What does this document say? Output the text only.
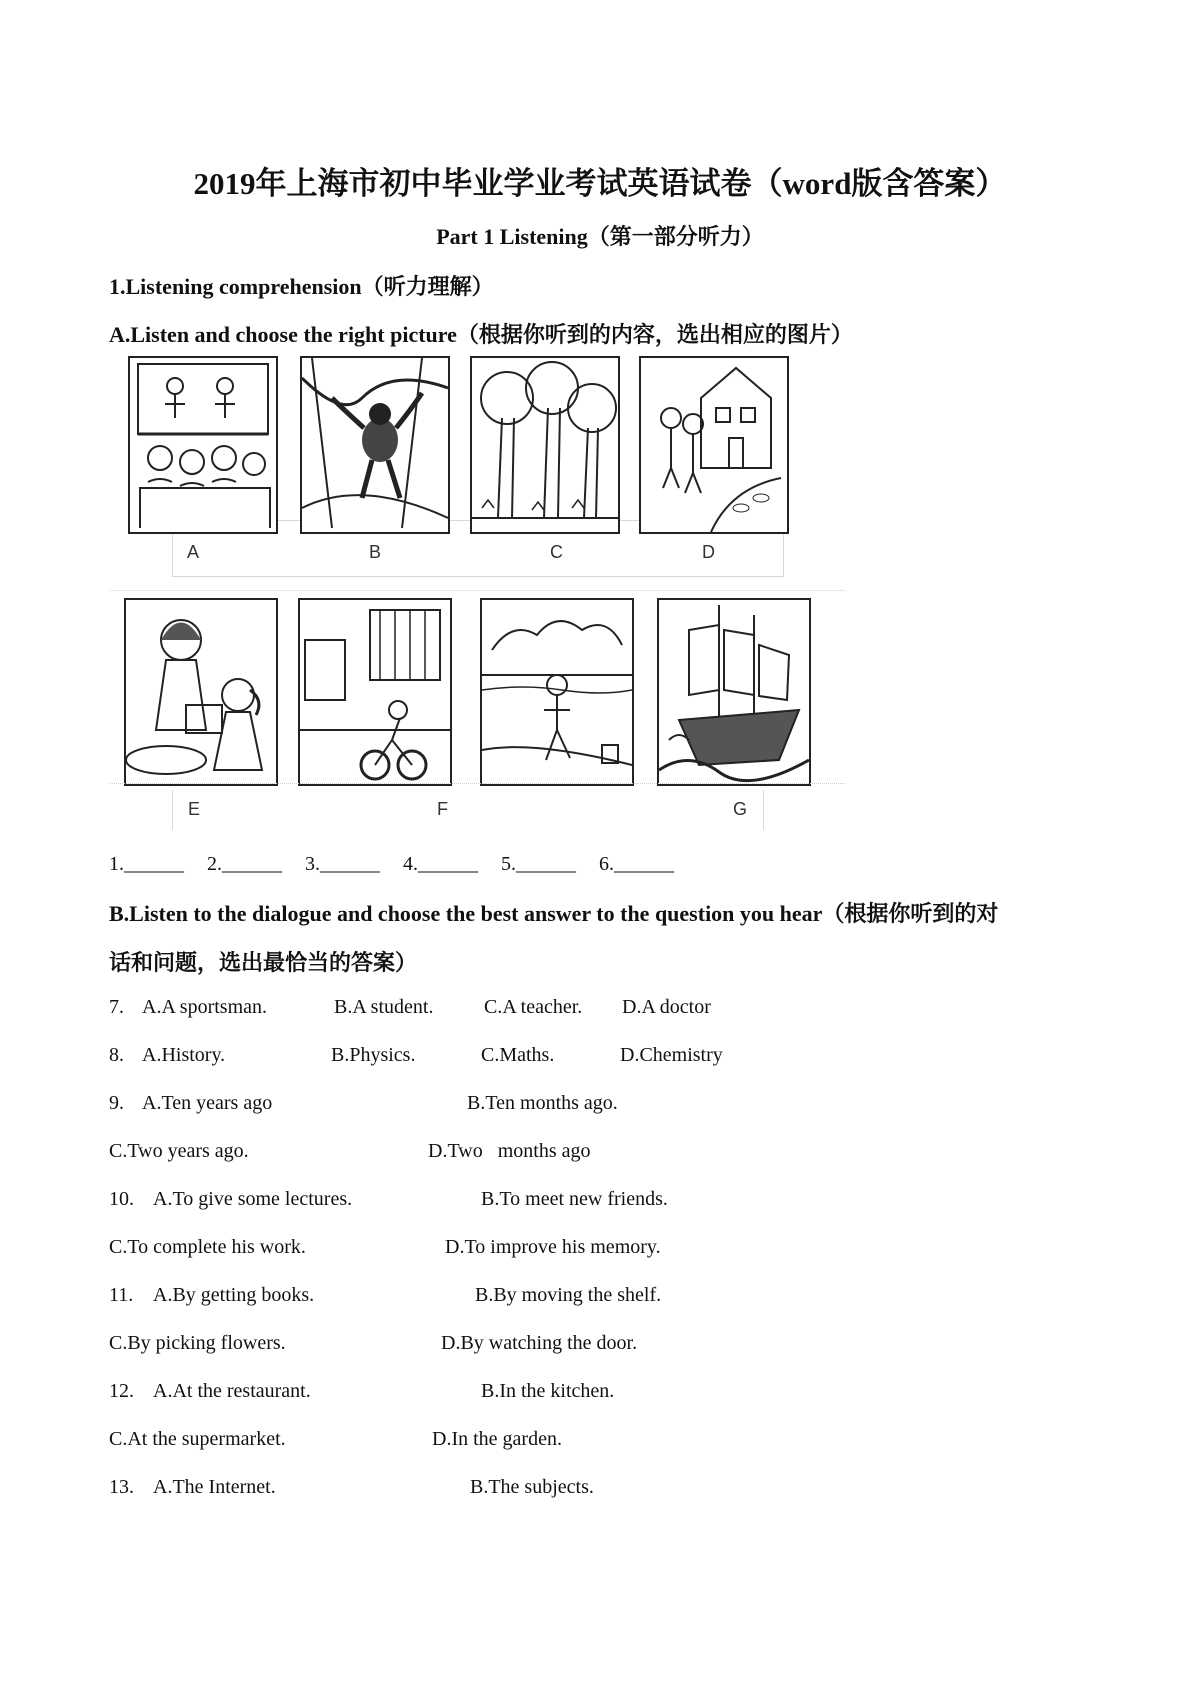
2019年上海市初中毕业学业考试英语试卷（word版含答案）
Part 1 Listening（第一部分听力）
1.Listening comprehension（听力理解）
A.Listen and choose the right picture（根据你听到的内容，选出相应的图片）
A	B	C	D
E	F	G
1.______ 2.______ 3.______ 4.______ 5.______ 6.______
B.Listen to the dialogue and choose the best answer to the question you hear（根据你听到的对
话和问题，选出最恰当的答案）
7. A.A sportsman.	B.A student.	C.A teacher. D.A doctor
8. A.History.	B.Physics.	C.Maths.	D.Chemistry
9. A.Ten years ago	B.Ten months ago.
C.Two years ago.	D.Two   months ago
10. A.To give some lectures.	B.To meet new friends.
C.To complete his work.	D.To improve his memory.
11. A.By getting books.	B.By moving the shelf.
C.By picking flowers.	D.By watching the door.
12. A.At the restaurant.	B.In the kitchen.
C.At the supermarket.	D.In the garden.
13. A.The Internet.	B.The subjects.
